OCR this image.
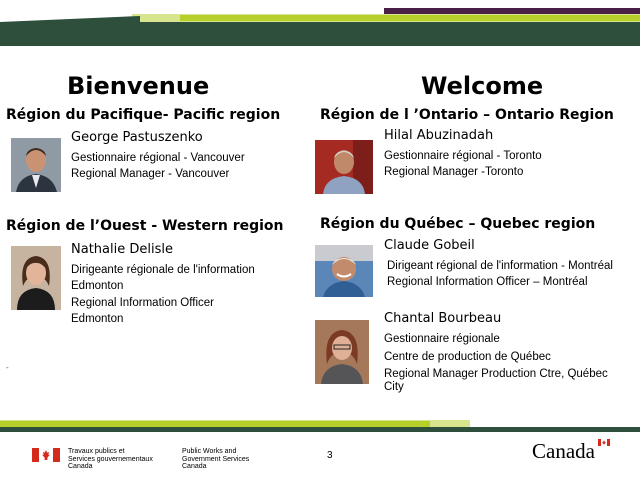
Bienvenue	Welcome
Région du Pacifique- Pacific region
George Pastuszenko
Gestionnaire régional - Vancouver
Regional Manager - Vancouver
Région de l’Ouest - Western region
Nathalie Delisle
Dirigeante régionale de l'information
Edmonton
Regional Information Officer
Edmonton
-
Région de l ’Ontario – Ontario Region
Hilal Abuzinadah
Gestionnaire régional - Toronto
Regional Manager -Toronto
Région du Québec – Quebec region
Claude Gobeil
Dirigeant régional de l'information - Montréal
Regional Information Officer – Montréal
Chantal Bourbeau
Gestionnaire régionale
Centre de production de Québec
Regional Manager Production Ctre, Québec
City
Travaux publics et
Services gouvernementaux
Canada
Public Works and
Government Services
Canada
3	Canada
